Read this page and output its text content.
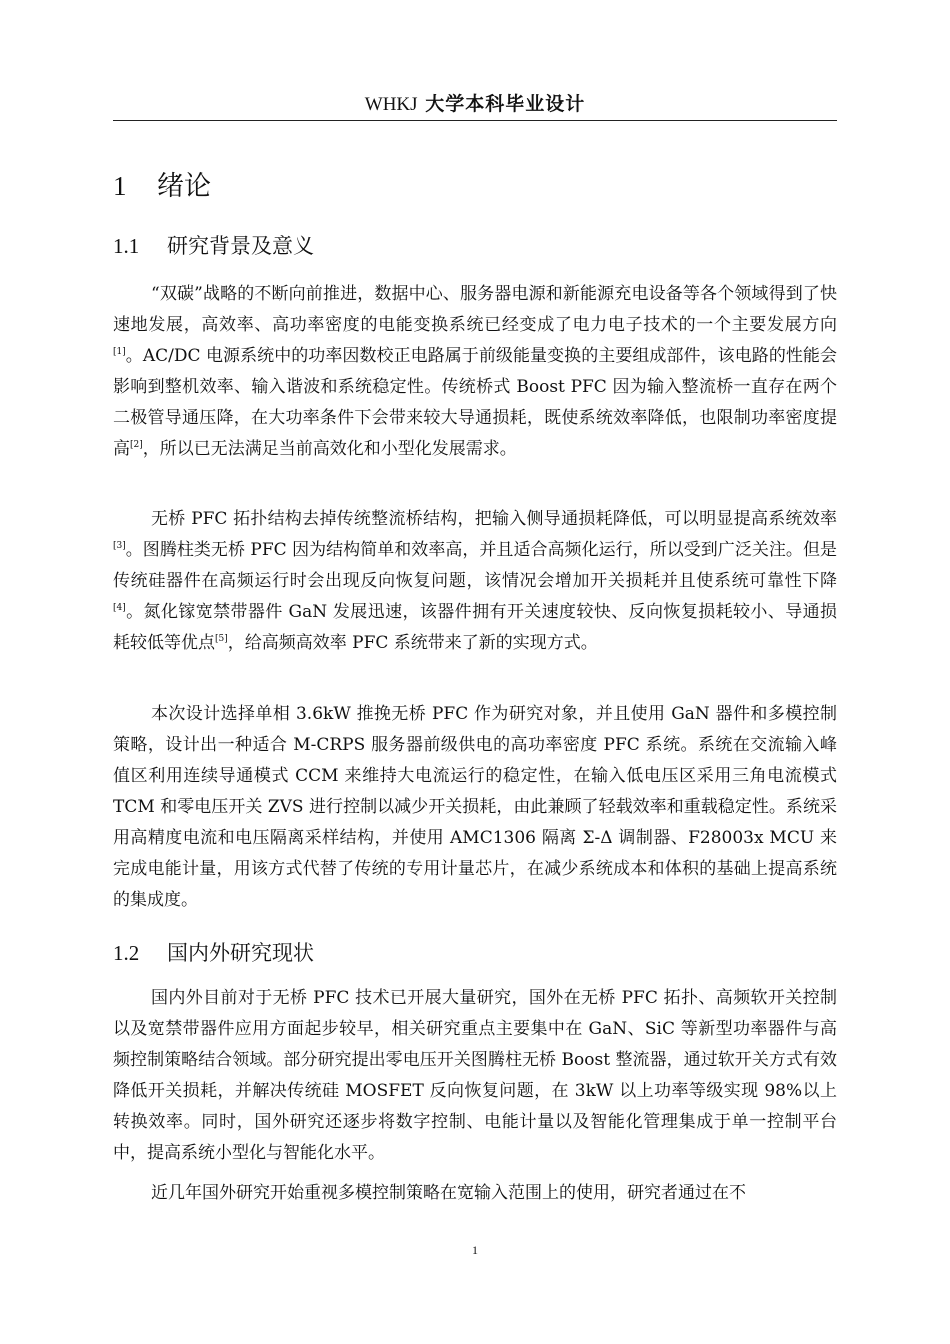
WHKJ 大学本科毕业设计
1 绪论
1.1 研究背景及意义
“双碳”战略的不断向前推进，数据中心、服务器电源和新能源充电设备等各个领域得到了快速地发展，高效率、高功率密度的电能变换系统已经变成了电力电子技术的一个主要发展方向[1]。AC/DC 电源系统中的功率因数校正电路属于前级能量变换的主要组成部件，该电路的性能会影响到整机效率、输入谐波和系统稳定性。传统桥式 Boost PFC 因为输入整流桥一直存在两个二极管导通压降，在大功率条件下会带来较大导通损耗，既使系统效率降低，也限制功率密度提高[2]，所以已无法满足当前高效化和小型化发展需求。
无桥 PFC 拓扑结构去掉传统整流桥结构，把输入侧导通损耗降低，可以明显提高系统效率[3]。图腾柱类无桥 PFC 因为结构简单和效率高，并且适合高频化运行，所以受到广泛关注。但是传统硅器件在高频运行时会出现反向恢复问题，该情况会增加开关损耗并且使系统可靠性下降[4]。氮化镓宽禁带器件 GaN 发展迅速，该器件拥有开关速度较快、反向恢复损耗较小、导通损耗较低等优点[5]，给高频高效率 PFC 系统带来了新的实现方式。
本次设计选择单相 3.6kW 推挽无桥 PFC 作为研究对象，并且使用 GaN 器件和多模控制策略，设计出一种适合 M-CRPS 服务器前级供电的高功率密度 PFC 系统。系统在交流输入峰值区利用连续导通模式 CCM 来维持大电流运行的稳定性，在输入低电压区采用三角电流模式 TCM 和零电压开关 ZVS 进行控制以减少开关损耗，由此兼顾了轻载效率和重载稳定性。系统采用高精度电流和电压隔离采样结构，并使用 AMC1306 隔离 Σ-Δ 调制器、F28003x MCU 来完成电能计量，用该方式代替了传统的专用计量芯片，在减少系统成本和体积的基础上提高系统的集成度。
1.2 国内外研究现状
国内外目前对于无桥 PFC 技术已开展大量研究，国外在无桥 PFC 拓扑、高频软开关控制以及宽禁带器件应用方面起步较早，相关研究重点主要集中在 GaN、SiC 等新型功率器件与高频控制策略结合领域。部分研究提出零电压开关图腾柱无桥 Boost 整流器，通过软开关方式有效降低开关损耗，并解决传统硅 MOSFET 反向恢复问题，在 3kW 以上功率等级实现 98%以上转换效率。同时，国外研究还逐步将数字控制、电能计量以及智能化管理集成于单一控制平台中，提高系统小型化与智能化水平。
近几年国外研究开始重视多模控制策略在宽输入范围上的使用，研究者通过在不
1
